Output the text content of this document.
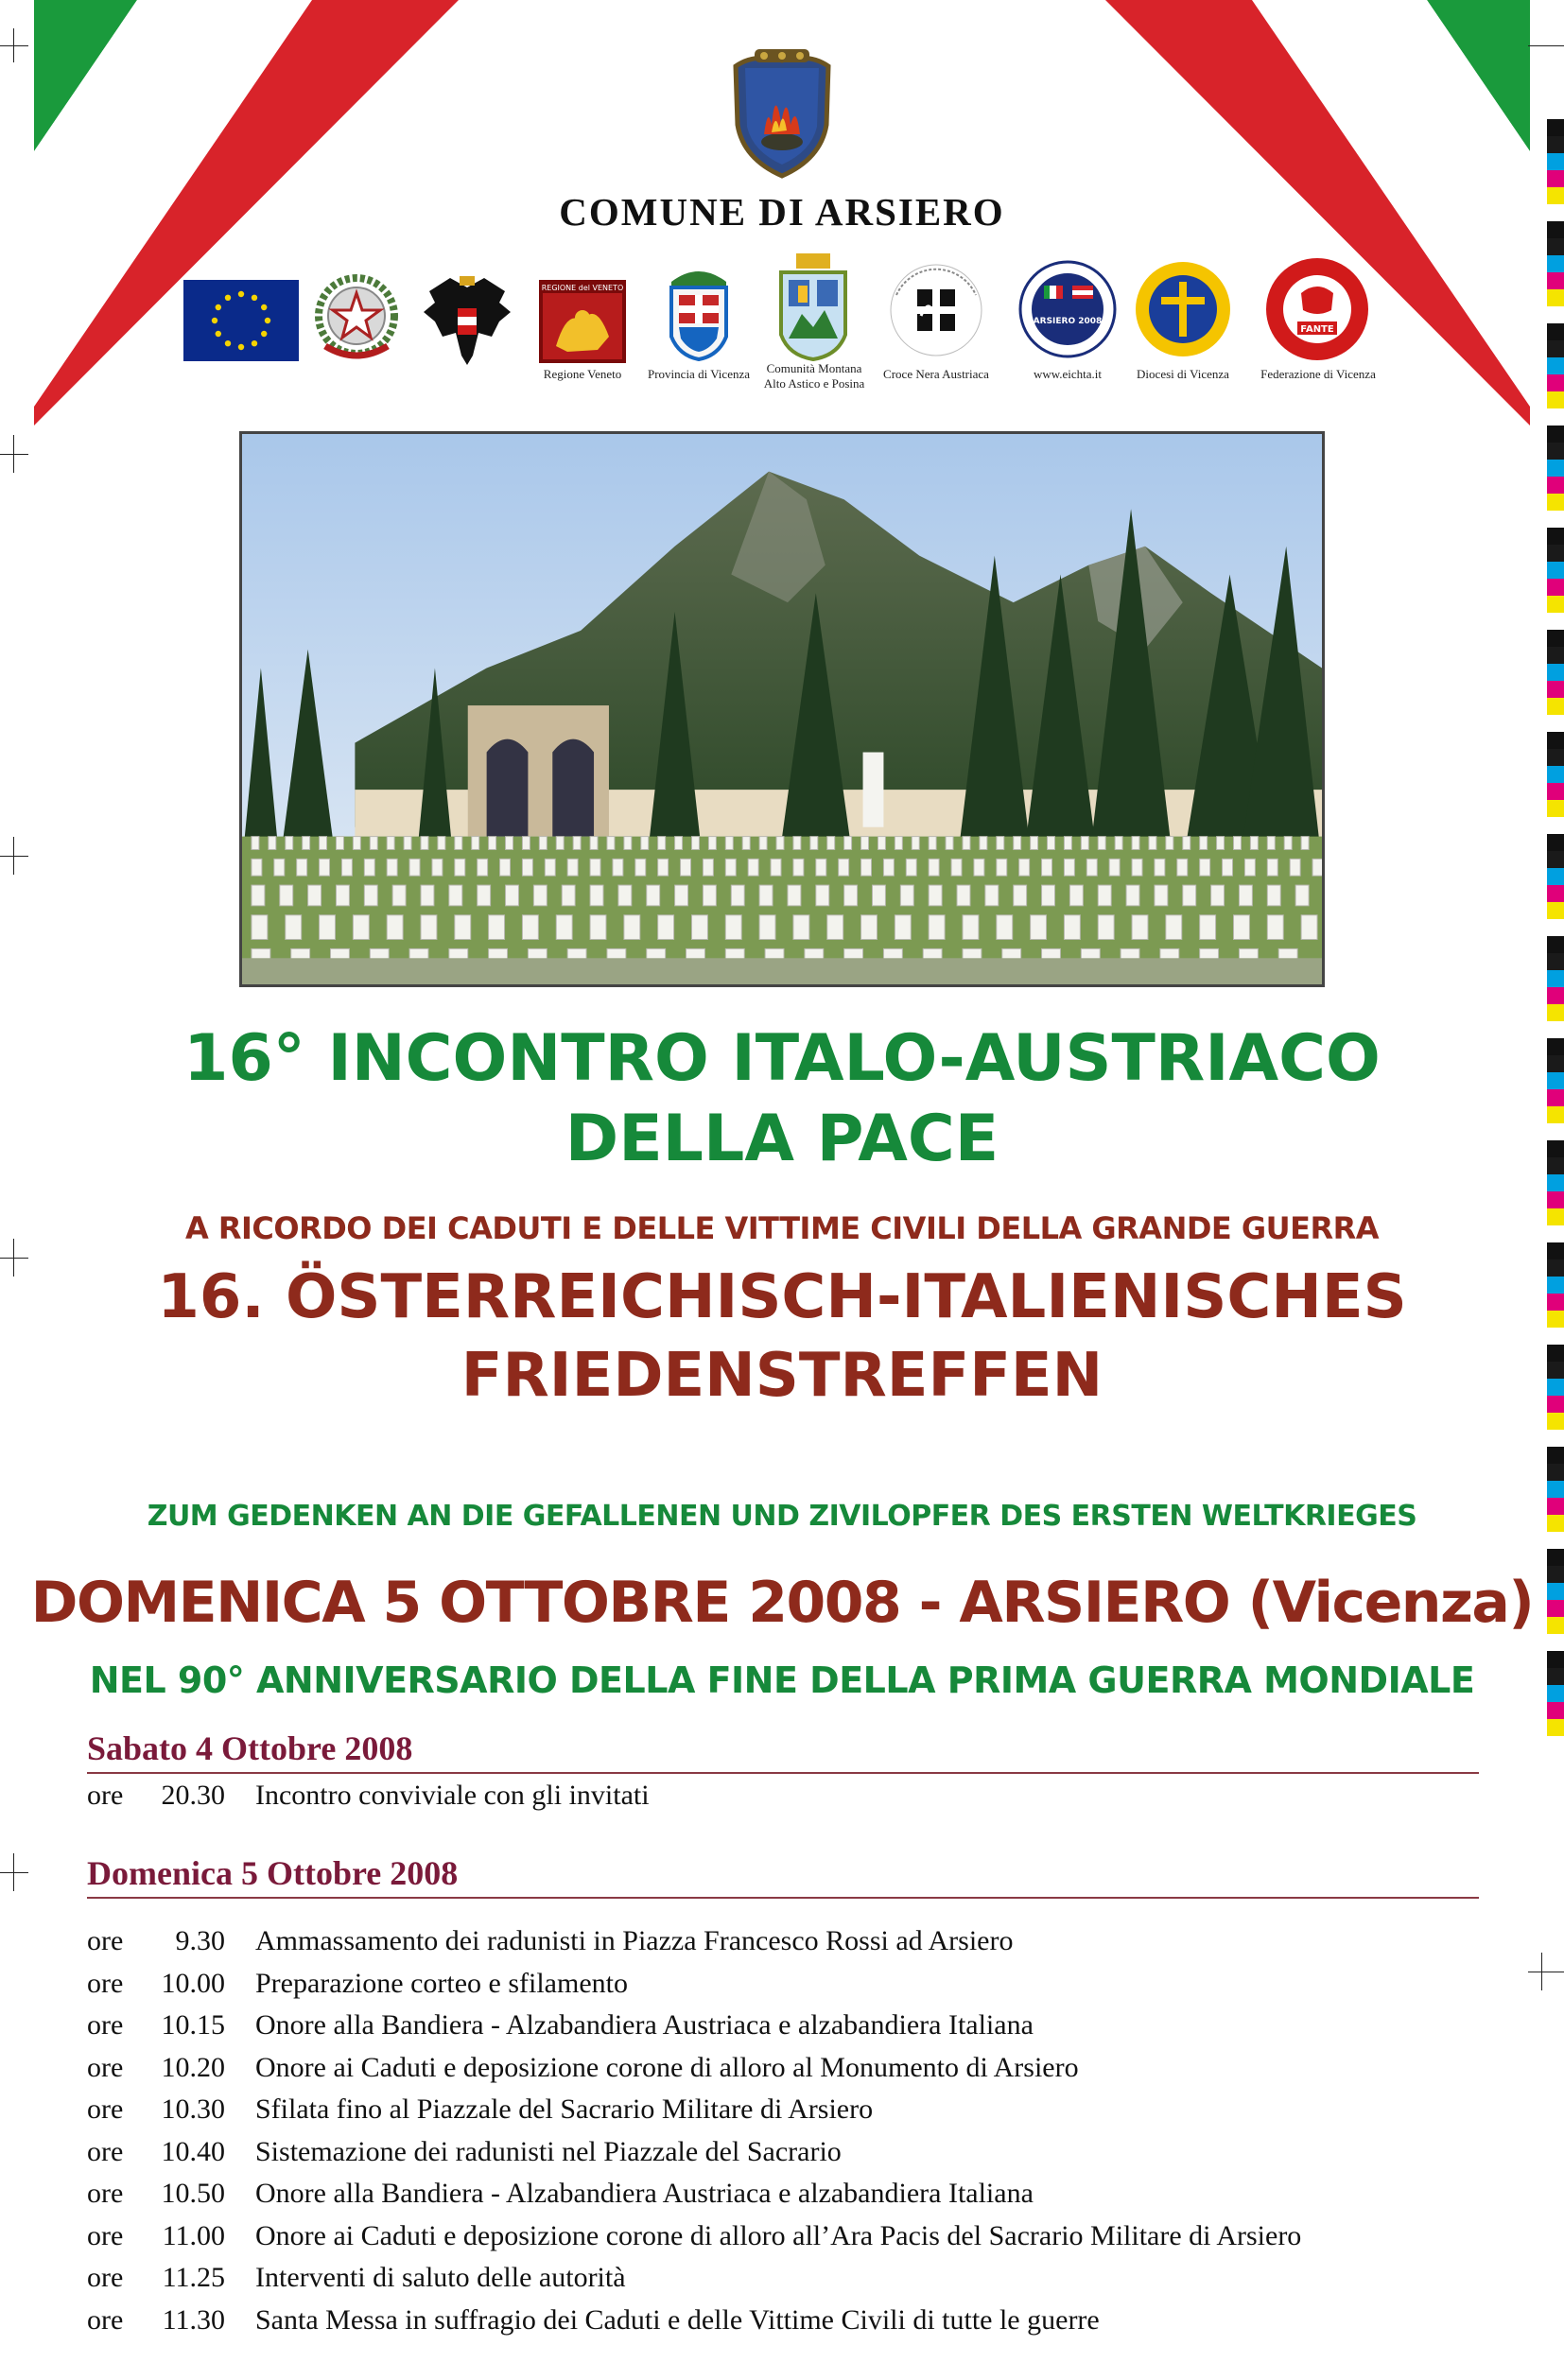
COMUNE DI ARSIERO
REGIONE del VENETO
Regione Veneto	Provincia di Vicenza	Comunità Montana
Alto Astico e Posina
Croce Nera Austriaca
ARSIERO 2008
www.eichta.it	Diocesi di Vicenza
FANTE
Federazione di Vicenza
16° INCONTRO ITALO-AUSTRIACO
DELLA PACE
A RICORDO DEI CADUTI E DELLE VITTIME CIVILI DELLA GRANDE GUERRA
16. ÖSTERREICHISCH-ITALIENISCHES
FRIEDENSTREFFEN
ZUM GEDENKEN AN DIE GEFALLENEN UND ZIVILOPFER DES ERSTEN WELTKRIEGES
DOMENICA 5 OTTOBRE 2008 - ARSIERO (Vicenza)
NEL 90° ANNIVERSARIO DELLA FINE DELLA PRIMA GUERRA MONDIALE
Sabato 4 Ottobre 2008
ore 20.30 Incontro conviviale con gli invitati
Domenica 5 Ottobre 2008
ore 9.30 Ammassamento dei radunisti in Piazza Francesco Rossi ad Arsiero
ore 10.00 Preparazione corteo e sfilamento
ore 10.15 Onore alla Bandiera - Alzabandiera Austriaca e alzabandiera Italiana
ore 10.20 Onore ai Caduti e deposizione corone di alloro al Monumento di Arsiero
ore 10.30 Sfilata fino al Piazzale del Sacrario Militare di Arsiero
ore 10.40 Sistemazione dei radunisti nel Piazzale del Sacrario
ore 10.50 Onore alla Bandiera - Alzabandiera Austriaca e alzabandiera Italiana
ore 11.00 Onore ai Caduti e deposizione corone di alloro all’Ara Pacis del Sacrario Militare di Arsiero
ore 11.25 Interventi di saluto delle autorità
ore 11.30 Santa Messa in suffragio dei Caduti e delle Vittime Civili di tutte le guerre
